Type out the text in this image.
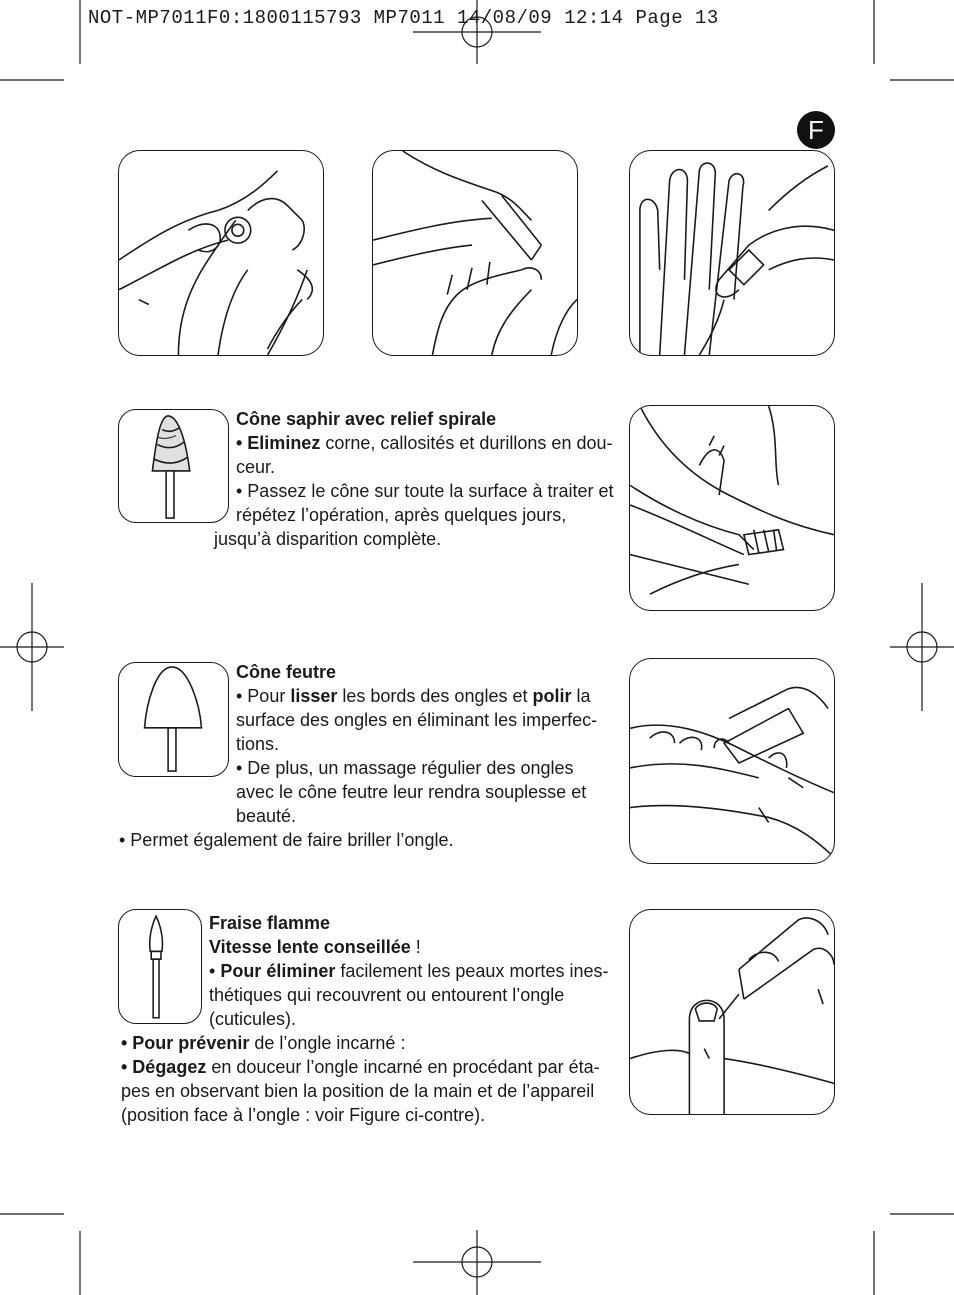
NOT-MP7011F0:1800115793 MP7011 14/08/09 12:14 Page 13
F

Cône saphir avec relief spirale

• Eliminez corne, callosités et durillons en dou-

ceur.

• Passez le cône sur toute la surface à traiter et

répétez l’opération, après quelques jours,

jusqu’à disparition complète.

Cône feutre

• Pour lisser les bords des ongles et polir la

surface des ongles en éliminant les imperfec-

tions.

• De plus, un massage régulier des ongles

avec le cône feutre leur rendra souplesse et

beauté.

• Permet également de faire briller l’ongle.

Fraise flamme

Vitesse lente conseillée !

• Pour éliminer facilement les peaux mortes ines-

thétiques qui recouvrent ou entourent l’ongle

(cuticules).

• Pour prévenir de l’ongle incarné :

• Dégagez en douceur l’ongle incarné en procédant par éta-

pes en observant bien la position de la main et de l’appareil

(position face à l’ongle : voir Figure ci-contre).
